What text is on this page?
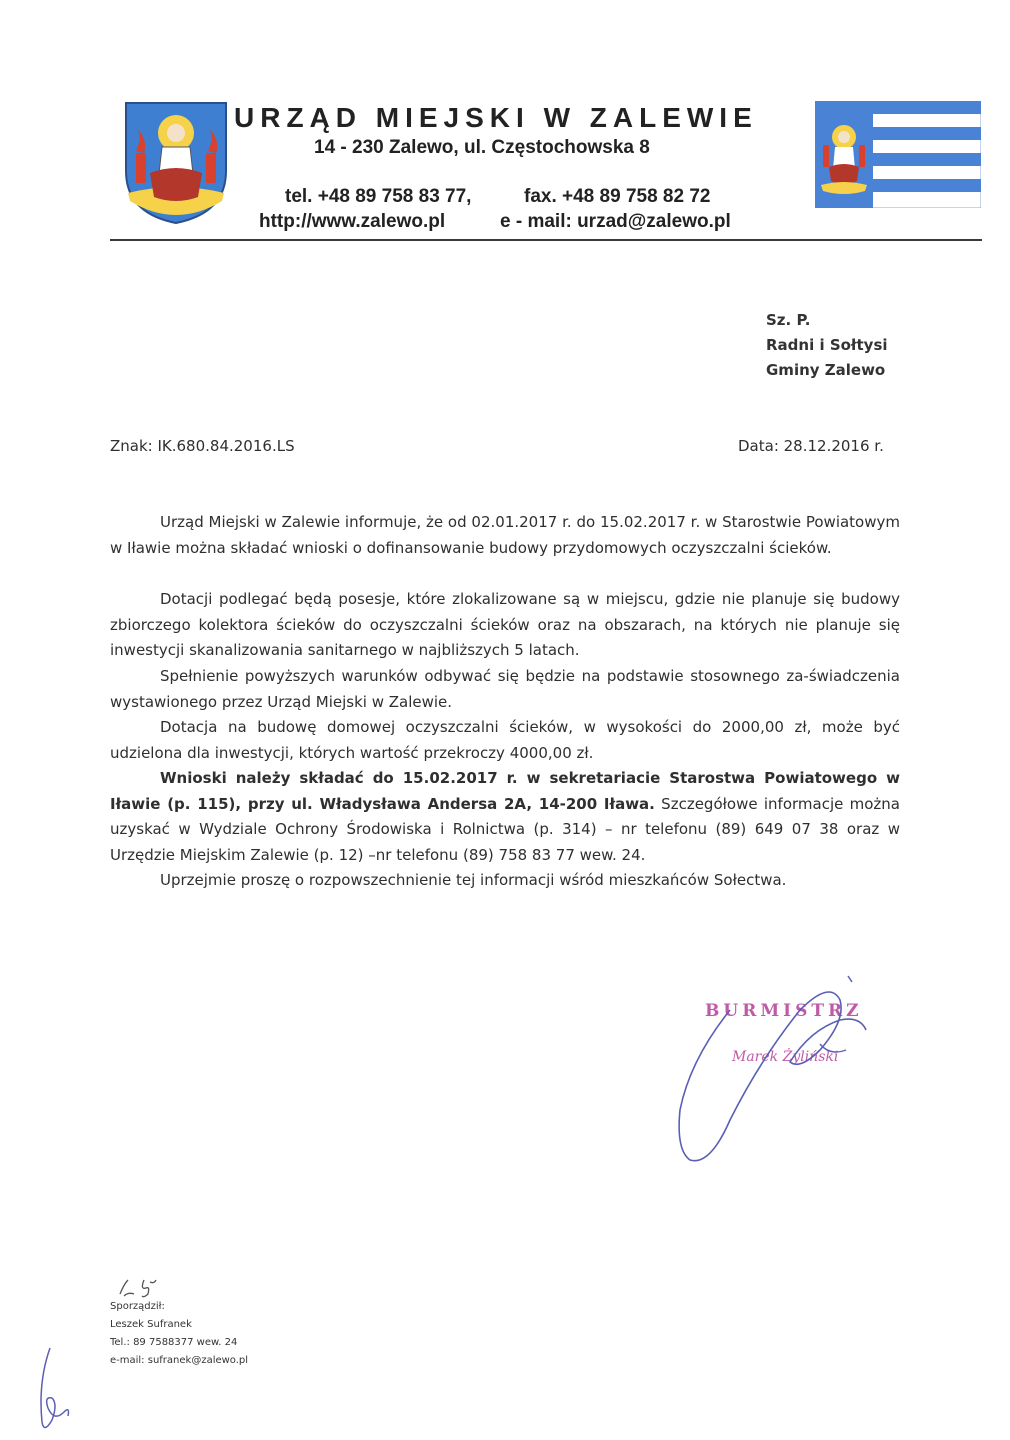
URZĄD MIEJSKI W ZALEWIE
14 - 230 Zalewo, ul. Częstochowska 8
tel. +48 89 758 83 77,	fax. +48 89 758 82 72
http://www.zalewo.pl	e - mail: urzad@zalewo.pl
Sz. P.
Radni i Sołtysi
Gminy Zalewo
Znak: IK.680.84.2016.LS	Data: 28.12.2016 r.

Urząd Miejski w Zalewie informuje, że od 02.01.2017 r. do 15.02.2017 r. w Starostwie Powiatowym w Iławie można składać wnioski o dofinansowanie budowy przydomowych oczyszczalni ścieków.

Dotacji podlegać będą posesje, które zlokalizowane są w miejscu, gdzie nie planuje się budowy zbiorczego kolektora ścieków do oczyszczalni ścieków oraz na obszarach, na których nie planuje się inwestycji skanalizowania sanitarnego w najbliższych 5 latach.

Spełnienie powyższych warunków odbywać się będzie na podstawie stosownego za-świadczenia wystawionego przez Urząd Miejski w Zalewie.

Dotacja na budowę domowej oczyszczalni ścieków, w wysokości do 2000,00 zł, może być udzielona dla inwestycji, których wartość przekroczy 4000,00 zł.

Wnioski należy składać do 15.02.2017 r. w sekretariacie Starostwa Powiatowego w Iławie (p. 115), przy ul. Władysława Andersa 2A, 14-200 Iława. Szczegółowe informacje można uzyskać w Wydziale Ochrony Środowiska i Rolnictwa (p. 314) – nr telefonu (89) 649 07 38 oraz w Urzędzie Miejskim Zalewie (p. 12) –nr telefonu (89) 758 83 77 wew. 24.

Uprzejmie proszę o rozpowszechnienie tej informacji wśród mieszkańców Sołectwa.

BURMISTRZ
Marek Żyliński
Sporządził:
Leszek Sufranek
Tel.: 89 7588377 wew. 24
e-mail: sufranek@zalewo.pl
